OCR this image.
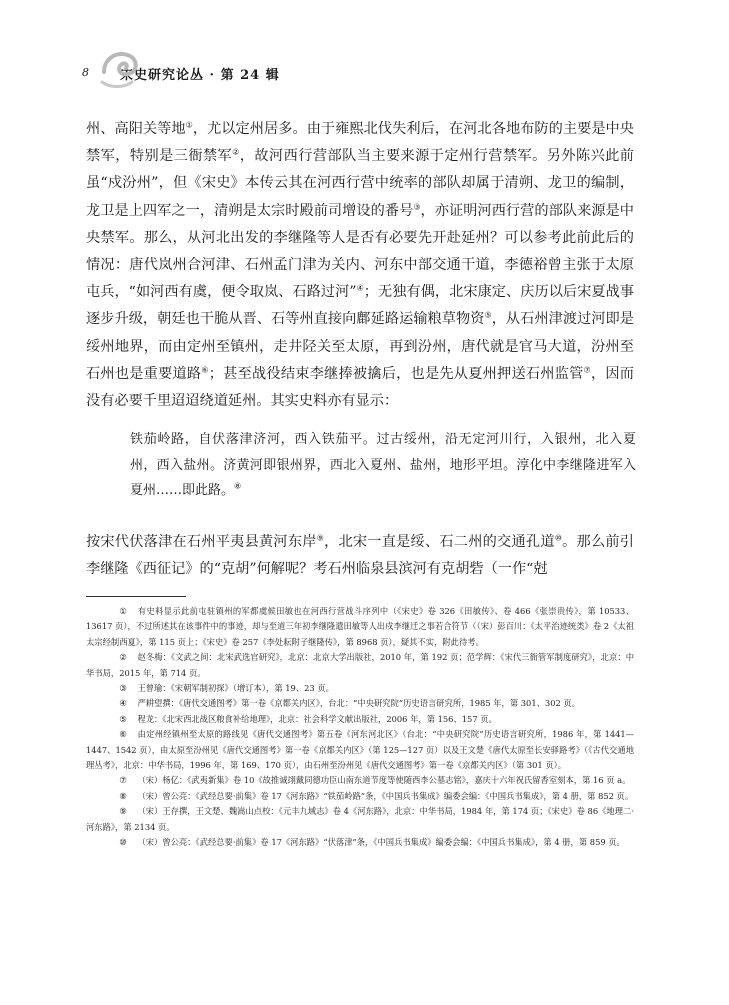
8 宋史研究论丛 · 第 24 辑

州、高阳关等地①，尤以定州居多。由于雍熙北伐失利后，在河北各地布防的主要是中央禁军，特别是三衙禁军②，故河西行营部队当主要来源于定州行营禁军。另外陈兴此前虽“戍汾州”，但《宋史》本传云其在河西行营中统率的部队却属于清朔、龙卫的编制，龙卫是上四军之一，清朔是太宗时殿前司增设的番号③，亦证明河西行营的部队来源是中央禁军。那么，从河北出发的李继隆等人是否有必要先开赴延州？可以参考此前此后的情况：唐代岚州合河津、石州孟门津为关内、河东中部交通干道，李德裕曾主张于太原屯兵，“如河西有虞，便令取岚、石路过河”④；无独有偶，北宋康定、庆历以后宋夏战事逐步升级，朝廷也干脆从晋、石等州直接向鄜延路运输粮草物资⑤，从石州津渡过河即是绥州地界，而由定州至镇州，走井陉关至太原，再到汾州，唐代就是官马大道，汾州至石州也是重要道路⑥；甚至战役结束李继捧被擒后，也是先从夏州押送石州监管⑦，因而没有必要千里迢迢绕道延州。其实史料亦有显示：

铁茄岭路，自伏落津济河，西入铁茄平。过古绥州，沿无定河川行，入银州，北入夏州，西入盐州。济黄河即银州界，西北入夏州、盐州，地形平坦。淳化中李继隆进军入夏州……即此路。⑧

按宋代伏落津在石州平夷县黄河东岸⑨，北宋一直是绥、石二州的交通孔道⑩。那么前引李继隆《西征记》的“克胡”何解呢？考石州临泉县滨河有克胡砦（一作“尅

① 有史料显示此前屯驻镇州的军都虞候田敏也在河西行营战斗序列中（《宋史》卷 326《田敏传》、卷 466《张崇贵传》，第 10533、13617 页），不过所述其在该事件中的事迹，却与至道三年初李继隆遣田敏等人出戍李继迁之事若合符节（（宋）彭百川：《太平治迹统类》卷 2《太祖太宗经制西夏》，第 115 页上；《宋史》卷 257《李处耘附子继隆传》，第 8968 页），疑其不实，附此待考。

② 赵冬梅：《文武之间：北宋武选官研究》，北京：北京大学出版社，2010 年，第 192 页；范学辉：《宋代三衙管军制度研究》，北京：中华书局，2015 年，第 714 页。

③ 王曾瑜：《宋朝军制初探》（增订本），第 19、23 页。

④ 严耕望撰：《唐代交通图考》第一卷《京都关内区》，台北：“中央研究院”历史语言研究所，1985 年，第 301、302 页。

⑤ 程龙：《北宋西北战区粮食补给地理》，北京：社会科学文献出版社，2006 年，第 156、157 页。

⑥ 由定州经镇州至太原的路线见《唐代交通图考》第五卷《河东河北区》（台北：“中央研究院”历史语言研究所，1986 年，第 1441—1447、1542 页），由太原至汾州见《唐代交通图考》第一卷《京都关内区》（第 125—127 页）以及王文楚《唐代太原至长安驿路考》（《古代交通地理丛考》，北京：中华书局，1996 年，第 169、170 页），由石州至汾州见《唐代交通图考》第一卷《京都关内区》（第 301 页）。

⑦ （宋）杨亿：《武夷新集》卷 10《故推诚翊戴同德功臣山南东道节度等使随西李公墓志铭》，嘉庆十六年祝氏留香室刻本，第 16 页 a。

⑧ （宋）曾公亮：《武经总要·前集》卷 17《河东路》“铁茄岭路”条，《中国兵书集成》编委会编：《中国兵书集成》，第 4 册，第 852 页。

⑨ （宋）王存撰，王文楚、魏嵩山点校：《元丰九域志》卷 4《河东路》，北京：中华书局，1984 年，第 174 页；《宋史》卷 86《地理二·河东路》，第 2134 页。

⑩ （宋）曾公亮：《武经总要·前集》卷 17《河东路》“伏落津”条，《中国兵书集成》编委会编：《中国兵书集成》，第 4 册，第 859 页。
